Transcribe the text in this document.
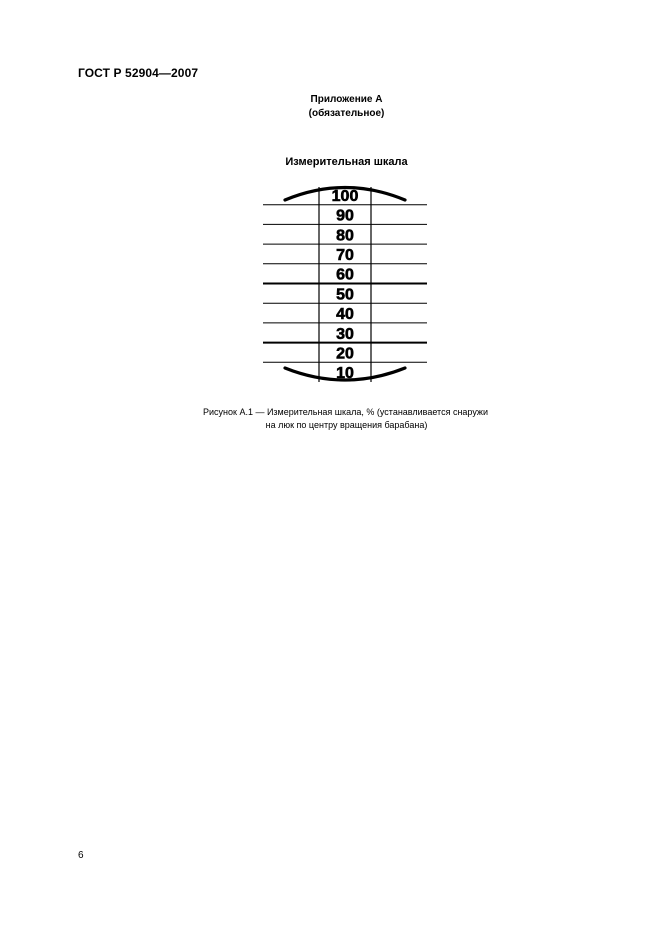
ГОСТ Р 52904—2007
Приложение А
(обязательное)
Измерительная шкала
100
90
80
70
60
50
40
30
20
10
Рисунок А.1 — Измерительная шкала, % (устанавливается снаружи
на люк по центру вращения барабана)
6
